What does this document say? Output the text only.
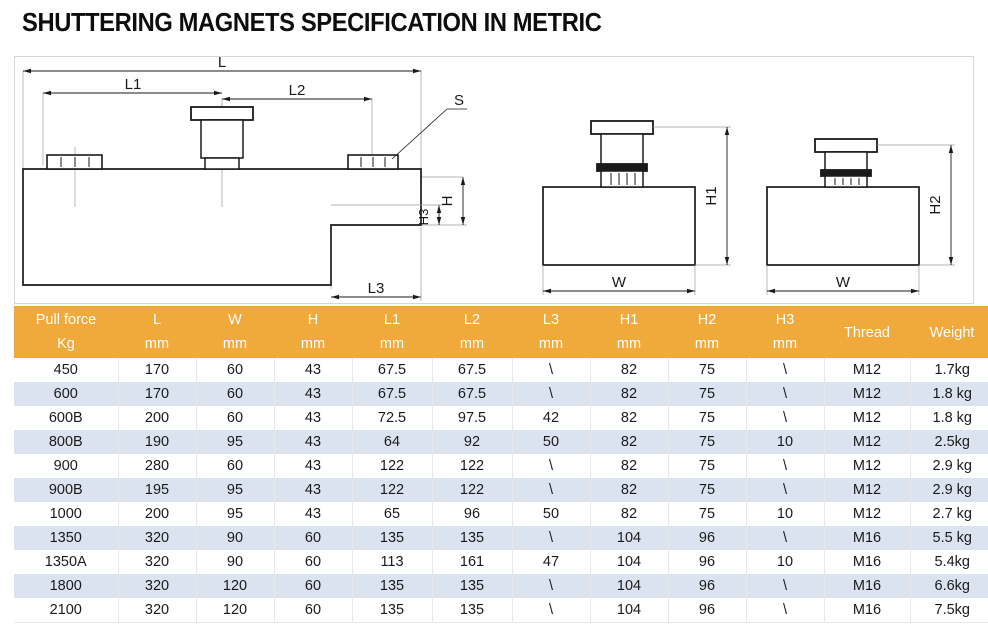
SHUTTERING MAGNETS SPECIFICATION IN METRIC
L
L1	L2
L3
S
H
H3
H1
W
H2
W
Pull force	L	W	H	L1	L2	L3	H1	H2	H3	Thread	Weight
Kg	mm	mm	mm	mm	mm	mm	mm	mm	mm		
450	170	60	43	67.5	67.5	\	82	75	\	M12	1.7kg
600	170	60	43	67.5	67.5	\	82	75	\	M12	1.8 kg
600B	200	60	43	72.5	97.5	42	82	75	\	M12	1.8 kg
800B	190	95	43	64	92	50	82	75	10	M12	2.5kg
900	280	60	43	122	122	\	82	75	\	M12	2.9 kg
900B	195	95	43	122	122	\	82	75	\	M12	2.9 kg
1000	200	95	43	65	96	50	82	75	10	M12	2.7 kg
1350	320	90	60	135	135	\	104	96	\	M16	5.5 kg
1350A	320	90	60	113	161	47	104	96	10	M16	5.4kg
1800	320	120	60	135	135	\	104	96	\	M16	6.6kg
2100	320	120	60	135	135	\	104	96	\	M16	7.5kg
